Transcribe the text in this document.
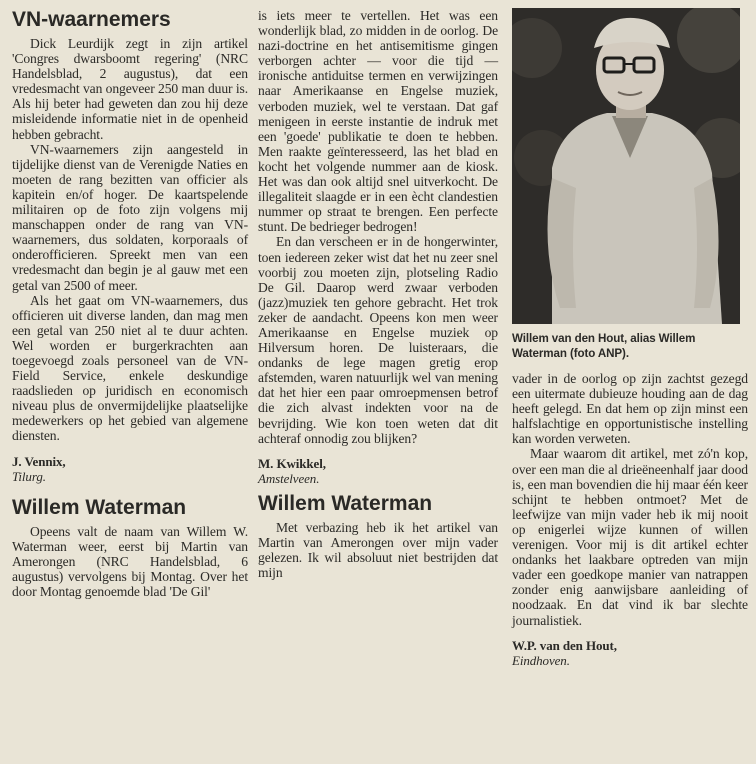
VN-waarnemers

Dick Leurdijk zegt in zijn artikel 'Congres dwarsboomt regering' (NRC Handelsblad, 2 augustus), dat een vredesmacht van ongeveer 250 man duur is. Als hij beter had geweten dan zou hij deze misleidende informatie niet in de openheid hebben gebracht.

VN-waarnemers zijn aangesteld in tijdelijke dienst van de Verenigde Naties en moeten de rang bezitten van officier als kapitein en/of hoger. De kaartspelende militairen op de foto zijn volgens mij manschappen onder de rang van VN-waarnemers, dus soldaten, korporaals of onderofficieren. Spreekt men van een vredesmacht dan begin je al gauw met een getal van 2500 of meer.

Als het gaat om VN-waarnemers, dus officieren uit diverse landen, dan mag men een getal van 250 niet al te duur achten. Wel worden er burgerkrachten aan toegevoegd zoals personeel van de VN-Field Service, enkele deskundige raadslieden op juridisch en economisch niveau plus de onvermijdelijke plaatselijke medewerkers op het gebied van algemene diensten.

J. Vennix,

Tilurg.

Willem Waterman

Opeens valt de naam van Willem W. Waterman weer, eerst bij Martin van Amerongen (NRC Handelsblad, 6 augustus) vervolgens bij Montag. Over het door Montag genoemde blad 'De Gil'

is iets meer te vertellen. Het was een wonderlijk blad, zo midden in de oorlog. De nazi-doctrine en het antisemitisme gingen verborgen achter — voor die tijd — ironische antiduitse termen en verwijzingen naar Amerikaanse en Engelse muziek, verboden muziek, wel te verstaan. Dat gaf menigeen in eerste instantie de indruk met een 'goede' publikatie te doen te hebben. Men raakte geïnteresseerd, las het blad en kocht het volgende nummer aan de kiosk. Het was dan ook altijd snel uitverkocht. De illegaliteit slaagde er in een ècht clandestien nummer op straat te brengen. Een perfecte stunt. De bedrieger bedrogen!

En dan verscheen er in de hongerwinter, toen iedereen zeker wist dat het nu zeer snel voorbij zou moeten zijn, plotseling Radio De Gil. Daarop werd zwaar verboden (jazz)muziek ten gehore gebracht. Het trok zeker de aandacht. Opeens kon men weer Amerikaanse en Engelse muziek op Hilversum horen. De luisteraars, die ondanks de lege magen gretig erop afstemden, waren natuurlijk wel van mening dat het hier een paar omroepmensen betrof die zich alvast indekten voor na de bevrijding. Wie kon toen weten dat dit achteraf onnodig zou blijken?

M. Kwikkel,

Amstelveen.

Willem Waterman

Met verbazing heb ik het artikel van Martin van Amerongen over mijn vader gelezen. Ik wil absoluut niet bestrijden dat mijn

Willem van den Hout, alias Willem Waterman (foto ANP).

vader in de oorlog op zijn zachtst gezegd een uitermate dubieuze houding aan de dag heeft gelegd. En dat hem op zijn minst een halfslachtige en opportunistische instelling kan worden verweten.

Maar waarom dit artikel, met zó'n kop, over een man die al drieëneenhalf jaar dood is, een man bovendien die hij maar één keer schijnt te hebben ontmoet? Met de leefwijze van mijn vader heb ik mij nooit op enigerlei wijze kunnen of willen verenigen. Voor mij is dit artikel echter ondanks het laakbare optreden van mijn vader een goedkope manier van natrappen zonder enig aanwijsbare aanleiding of noodzaak. En dat vind ik bar slechte journalistiek.

W.P. van den Hout,

Eindhoven.
